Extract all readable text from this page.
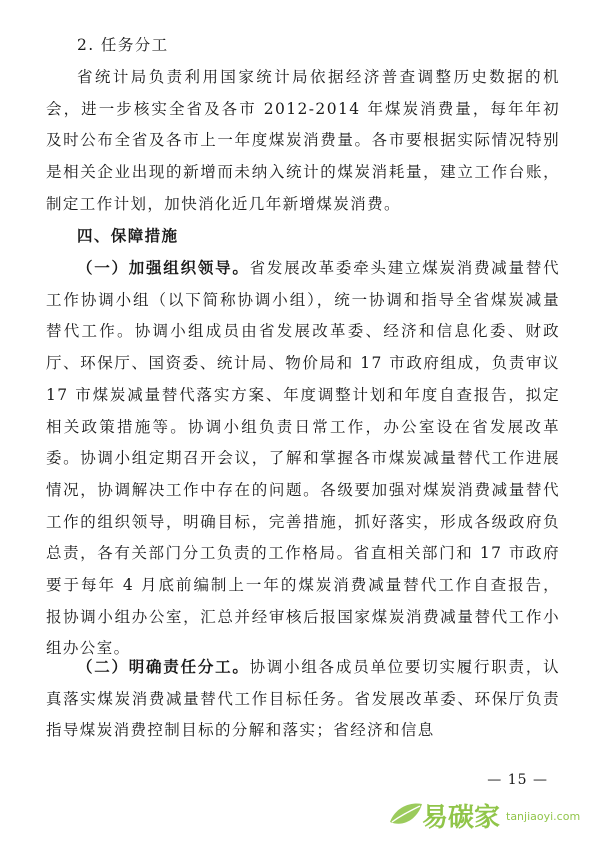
2. 任务分工

省统计局负责利用国家统计局依据经济普查调整历史数据的机会，进一步核实全省及各市 2012-2014 年煤炭消费量，每年年初及时公布全省及各市上一年度煤炭消费量。各市要根据实际情况特别是相关企业出现的新增而未纳入统计的煤炭消耗量，建立工作台账，制定工作计划，加快消化近几年新增煤炭消费。

四、保障措施

（一）加强组织领导。省发展改革委牵头建立煤炭消费减量替代工作协调小组（以下简称协调小组），统一协调和指导全省煤炭减量替代工作。协调小组成员由省发展改革委、经济和信息化委、财政厅、环保厅、国资委、统计局、物价局和 17 市政府组成，负责审议 17 市煤炭减量替代落实方案、年度调整计划和年度自查报告，拟定相关政策措施等。协调小组负责日常工作，办公室设在省发展改革委。协调小组定期召开会议，了解和掌握各市煤炭减量替代工作进展情况，协调解决工作中存在的问题。各级要加强对煤炭消费减量替代工作的组织领导，明确目标，完善措施，抓好落实，形成各级政府负总责，各有关部门分工负责的工作格局。省直相关部门和 17 市政府要于每年 4 月底前编制上一年的煤炭消费减量替代工作自查报告，报协调小组办公室，汇总并经审核后报国家煤炭消费减量替代工作小组办公室。

（二）明确责任分工。协调小组各成员单位要切实履行职责，认真落实煤炭消费减量替代工作目标任务。省发展改革委、环保厅负责指导煤炭消费控制目标的分解和落实；省经济和信息

— 15 —
易碳家 tanjiaoyi.com
